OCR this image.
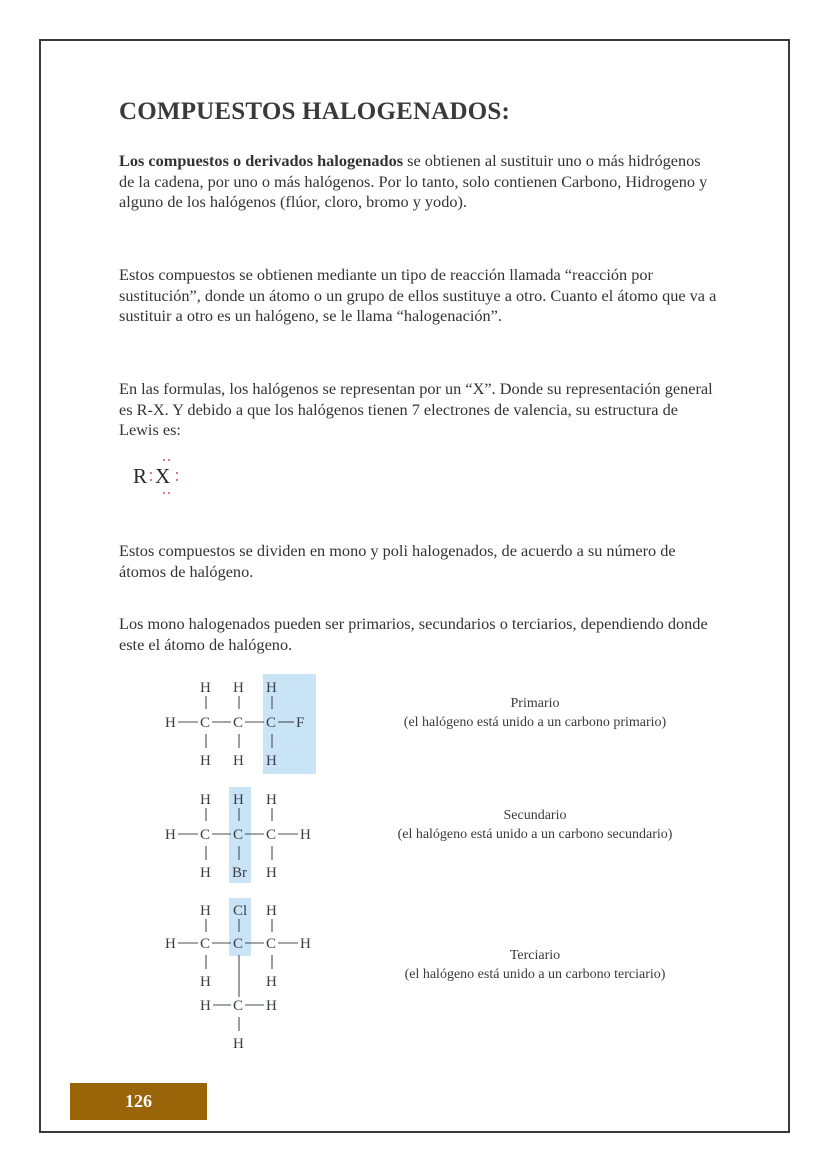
COMPUESTOS HALOGENADOS:

Los compuestos o derivados halogenados se obtienen al sustituir uno o más hidrógenos de la cadena, por uno o más halógenos. Por lo tanto, solo contienen Carbono, Hidrogeno y alguno de los halógenos (flúor, cloro, bromo y yodo).

Estos compuestos se obtienen mediante un tipo de reacción llamada “reacción por sustitución”, donde un átomo o un grupo de ellos sustituye a otro. Cuanto el átomo que va a sustituir a otro es un halógeno, se le llama “halogenación”.

En las formulas, los halógenos se representan por un “X”. Donde su representación general es R-X. Y debido a que los halógenos tienen 7 electrones de valencia, su estructura de Lewis es:

R X

Estos compuestos se dividen en mono y poli halogenados, de acuerdo a su número de átomos de halógeno.

Los mono halogenados pueden ser primarios, secundarios o terciarios, dependiendo donde este el átomo de halógeno.

H H H
H C C C F
H H H
Primario
(el halógeno está unido a un carbono primario)
H H H
H C C C H
H Br H
Secundario
(el halógeno está unido a un carbono secundario)
H Cl H
H C C C H
H	H
H C H
H
Terciario
(el halógeno está unido a un carbono terciario)
126
